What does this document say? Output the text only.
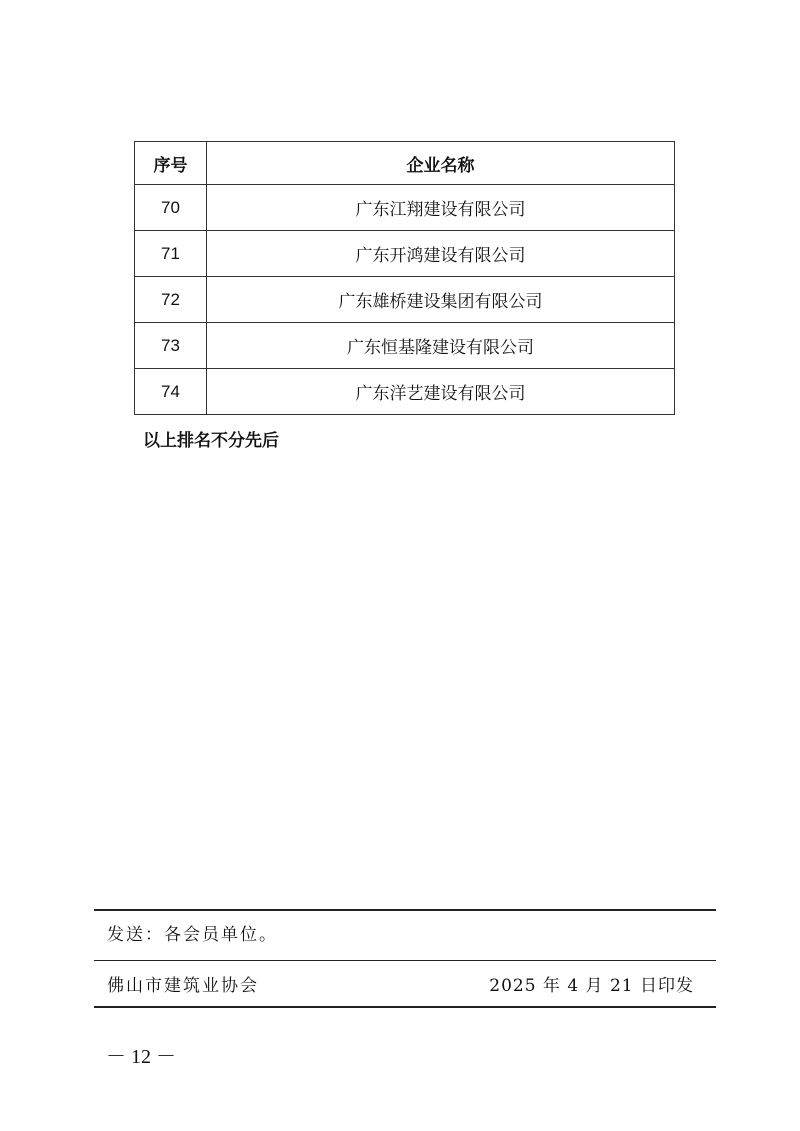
序号	企业名称
70	广东江翔建设有限公司
71	广东开鸿建设有限公司
72	广东雄桥建设集团有限公司
73	广东恒基隆建设有限公司
74	广东洋艺建设有限公司

以上排名不分先后

发送：各会员单位。
佛山市建筑业协会	2025 年 4 月 21 日印发
－ 12 －
